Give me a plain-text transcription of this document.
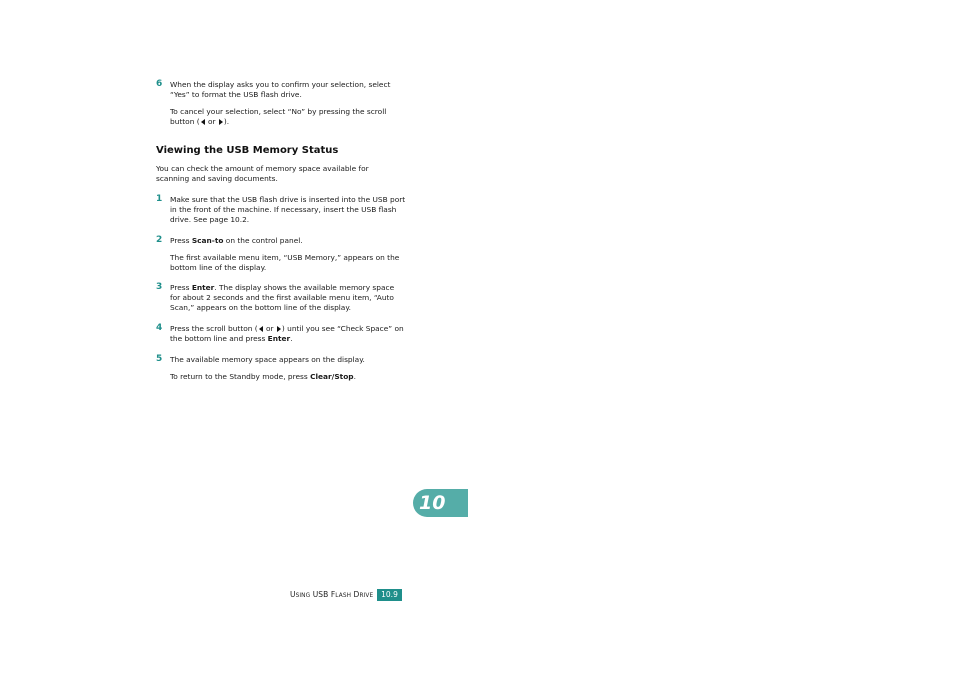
6 When the display asks you to confirm your selection, select “Yes” to format the USB flash drive.

To cancel your selection, select “No” by pressing the scroll button ( or ).

Viewing the USB Memory Status

You can check the amount of memory space available for scanning and saving documents.

1 Make sure that the USB flash drive is inserted into the USB port in the front of the machine. If necessary, insert the USB flash drive. See page 10.2.

2 Press Scan-to on the control panel.

The first available menu item, “USB Memory,” appears on the bottom line of the display.

3 Press Enter. The display shows the available memory space for about 2 seconds and the first available menu item, “Auto Scan,” appears on the bottom line of the display.

4 Press the scroll button ( or ) until you see “Check Space” on the bottom line and press Enter.

5 The available memory space appears on the display.

To return to the Standby mode, press Clear/Stop.

10
USING USB FLASH DRIVE	10.9
